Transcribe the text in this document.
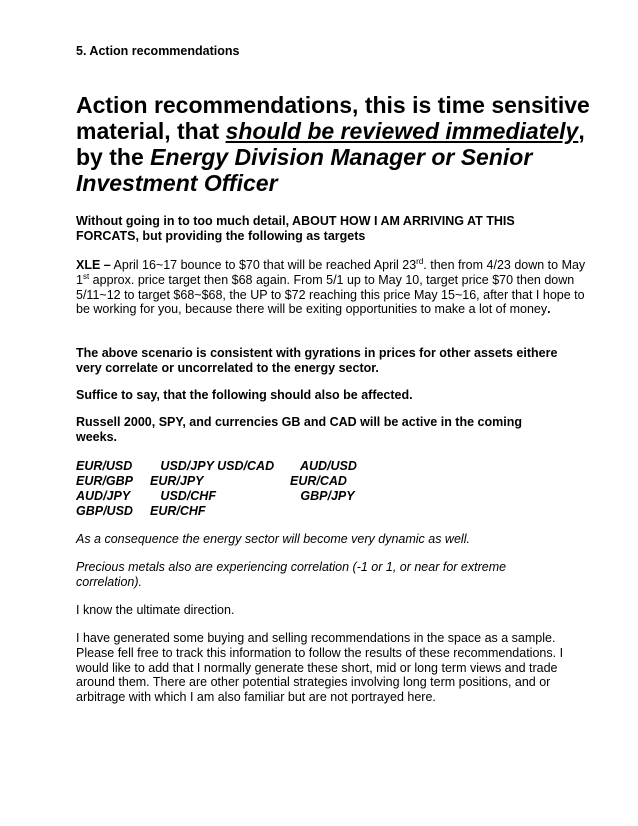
5. Action recommendations

Action recommendations, this is time sensitive material, that should be reviewed immediately, by the Energy Division Manager or Senior Investment Officer

Without going in to too much detail, ABOUT HOW I AM ARRIVING AT THIS FORCATS, but providing the following as targets

XLE – April 16~17 bounce to $70 that will be reached April 23rd. then from 4/23 down to May 1st approx. price target then $68 again. From 5/1 up to May 10, target price $70 then down 5/11~12 to target $68~$68, the UP to $72 reaching this price May 15~16, after that I hope to be working for you, because there will be exiting opportunities to make a lot of money.

The above scenario is consistent with gyrations in prices for other assets eithere very correlate or uncorrelated to the energy sector.

Suffice to say, that the following should also be affected.

Russell 2000, SPY, and currencies GB and CAD will be active in the coming weeks.

EUR/USD	USD/JPY USD/CAD	AUD/USD
EUR/GBP	EUR/JPY	EUR/CAD
AUD/JPY	USD/CHF	GBP/JPY
GBP/USD	EUR/CHF	

As a consequence the energy sector will become very dynamic as well.

Precious metals also are experiencing correlation (-1 or 1, or near for extreme correlation).

I know the ultimate direction.

I have generated some buying and selling recommendations in the space as a sample. Please fell free to track this information to follow the results of these recommendations. I would like to add that I normally generate these short, mid or long term views and trade around them. There are other potential strategies involving long term positions, and or arbitrage with which I am also familiar but are not portrayed here.
